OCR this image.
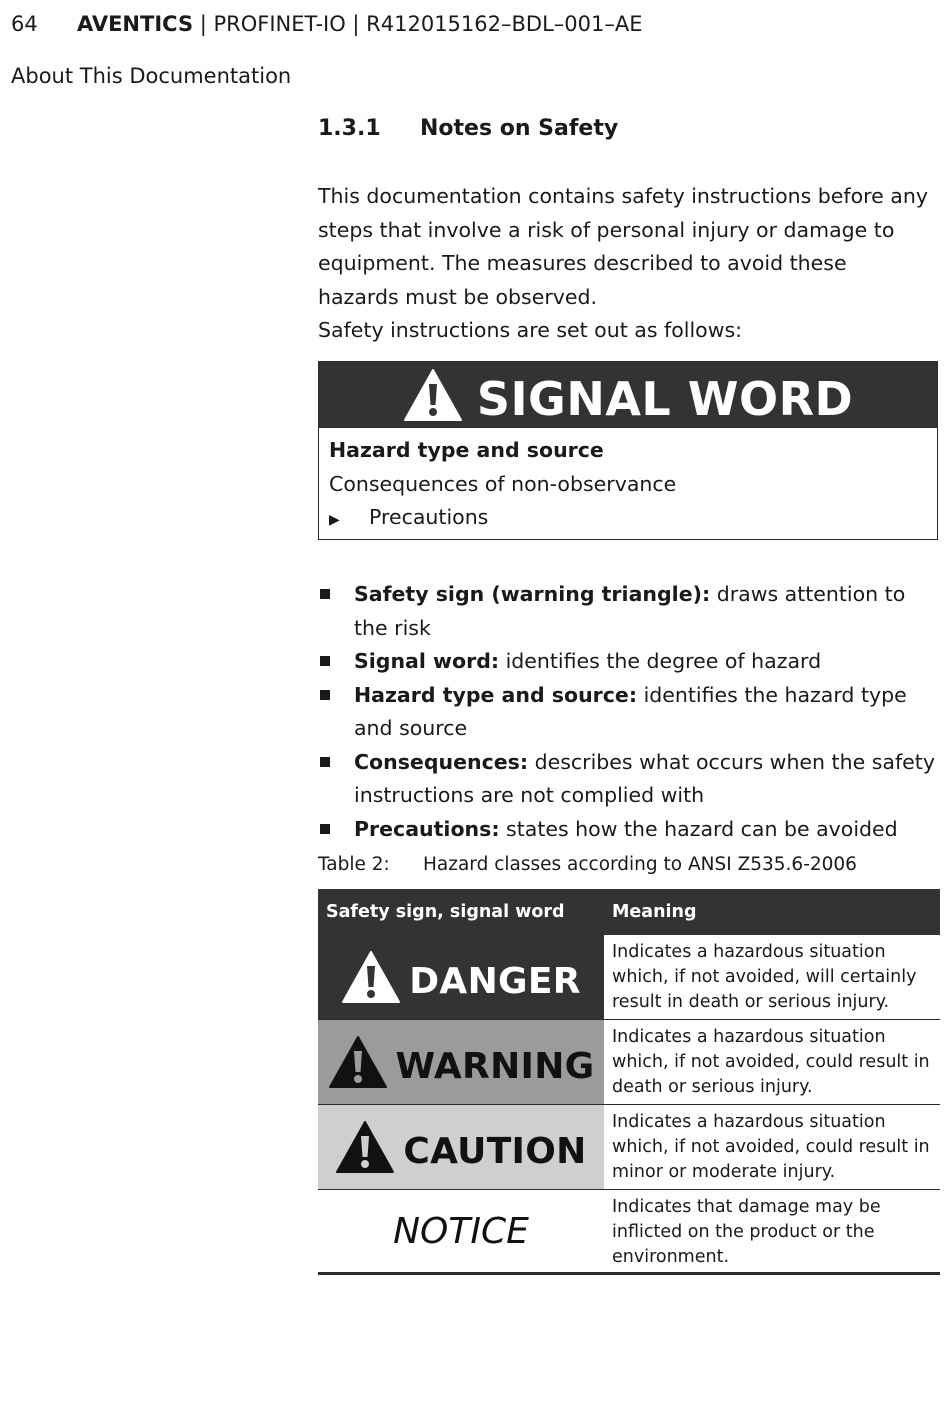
64 AVENTICS | PROFINET-IO | R412015162–BDL–001–AE
About This Documentation
1.3.1 Notes on Safety

This documentation contains safety instructions before any steps that involve a risk of personal injury or damage to equipment. The measures described to avoid these hazards must be observed.

Safety instructions are set out as follows:

SIGNAL WORD
Hazard type and source
Consequences of non-observance
▶	Precautions
Safety sign (warning triangle): draws attention to the risk
Signal word: identifies the degree of hazard
Hazard type and source: identifies the hazard type and source
Consequences: describes what occurs when the safety instructions are not complied with
Precautions: states how the hazard can be avoided
Table 2: Hazard classes according to ANSI Z535.6-2006
Safety sign, signal word	Meaning
DANGER
Indicates a hazardous situation which, if not avoided, will certainly result in death or serious injury.
WARNING
Indicates a hazardous situation which, if not avoided, could result in death or serious injury.
CAUTION
Indicates a hazardous situation which, if not avoided, could result in minor or moderate injury.
NOTICE
Indicates that damage may be inflicted on the product or the environment.
